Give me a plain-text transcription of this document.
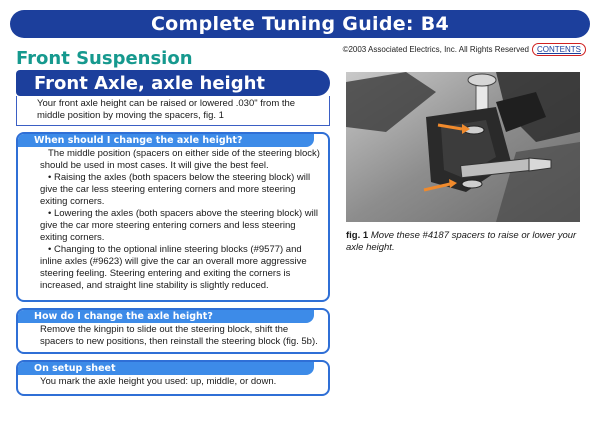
Complete Tuning Guide: B4
©2003 Associated Electrics, Inc. All Rights Reserved	CONTENTS
Front Suspension
Front Axle, axle height
Your front axle height can be raised or lowered .030" from the middle position by moving the spacers, fig. 1
When should I change the axle height?

The middle position (spacers on either side of the steering block) should be used in most cases. It will give the best feel.

• Raising the axles (both spacers below the steering block) will give the car less steering entering corners and more steering exiting corners.

• Lowering the axles (both spacers above the steering block) will give the car more steering entering corners and less steering exiting corners.

• Changing to the optional inline steering blocks (#9577) and inline axles (#9623) will give the car an overall more aggressive steering feeling. Steering entering and exiting the corners is increased, and straight line stability is slightly reduced.

How do I change the axle height?
Remove the kingpin to slide out the steering block, shift the spacers to new positions, then reinstall the steering block (fig. 5b).
On setup sheet
You mark the axle height you used: up, middle, or down.
fig. 1 Move these #4187 spacers to raise or lower your axle height.
